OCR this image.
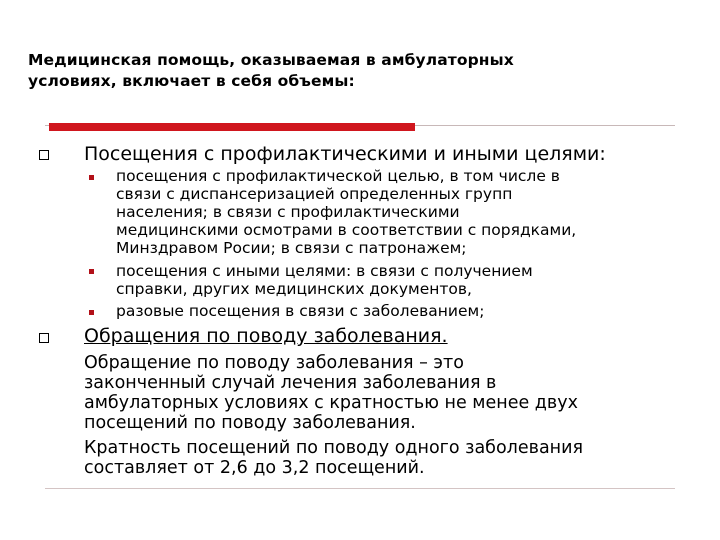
Медицинская помощь, оказываемая в амбулаторных
условиях, включает в себя объемы:
Посещения с профилактическими и иными целями:
посещения с профилактической целью, в том числе в
связи с диспансеризацией определенных групп
населения; в связи с профилактическими
медицинскими осмотрами в соответствии с порядками,
Минздравом Росии; в связи с патронажем;
посещения с иными целями: в связи с получением
справки, других медицинских документов,
разовые посещения в связи с заболеванием;
Обращения по поводу заболевания.
Обращение по поводу заболевания – это
законченный случай лечения заболевания в
амбулаторных условиях с кратностью не менее двух
посещений по поводу заболевания.
Кратность посещений по поводу одного заболевания
составляет от 2,6 до 3,2 посещений.
